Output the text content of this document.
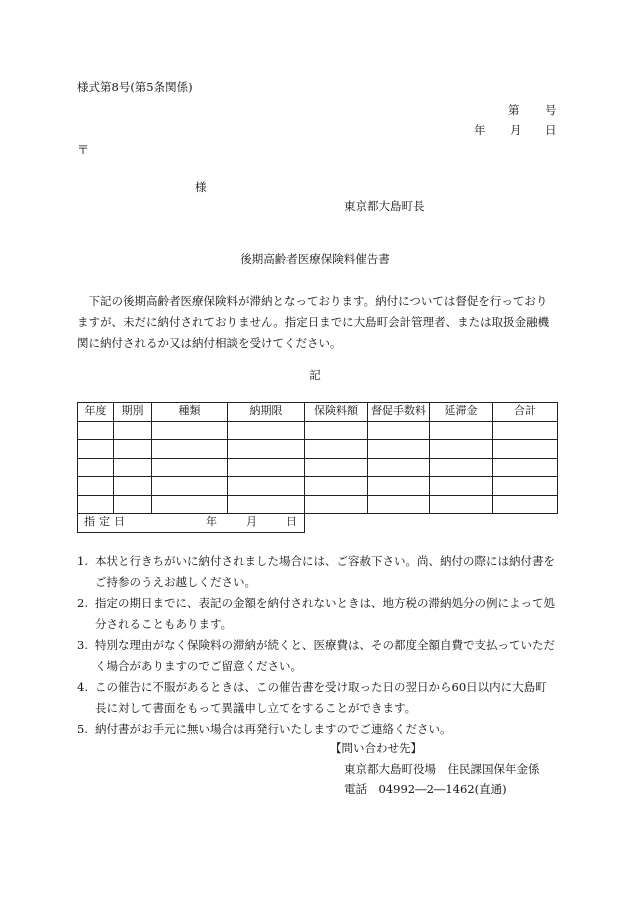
様式第8号(第5条関係)
第 号
年 月 日
〒
様
東京都大島町長
後期高齢者医療保険料催告書
下記の後期高齢者医療保険料が滞納となっております。納付については督促を行っておりますが、未だに納付されておりません。指定日までに大島町会計管理者、または取扱金融機関に納付されるか又は納付相談を受けてください。
記
年度	期別	種類	納期限	保険料額	督促手数料	延滞金	合計

指定日 年 月 日							
1. 本状と行きちがいに納付されました場合には、ご容赦下さい。尚、納付の際には納付書をご持参のうえお越しください。
2. 指定の期日までに、表記の金額を納付されないときは、地方税の滞納処分の例によって処分されることもあります。
3. 特別な理由がなく保険料の滞納が続くと、医療費は、その都度全額自費で支払っていただく場合がありますのでご留意ください。
4. この催告に不服があるときは、この催告書を受け取った日の翌日から60日以内に大島町長に対して書面をもって異議申し立てをすることができます。
5. 納付書がお手元に無い場合は再発行いたしますのでご連絡ください。
【問い合わせ先】
東京都大島町役場　住民課国保年金係
電話　04992―2―1462(直通)
